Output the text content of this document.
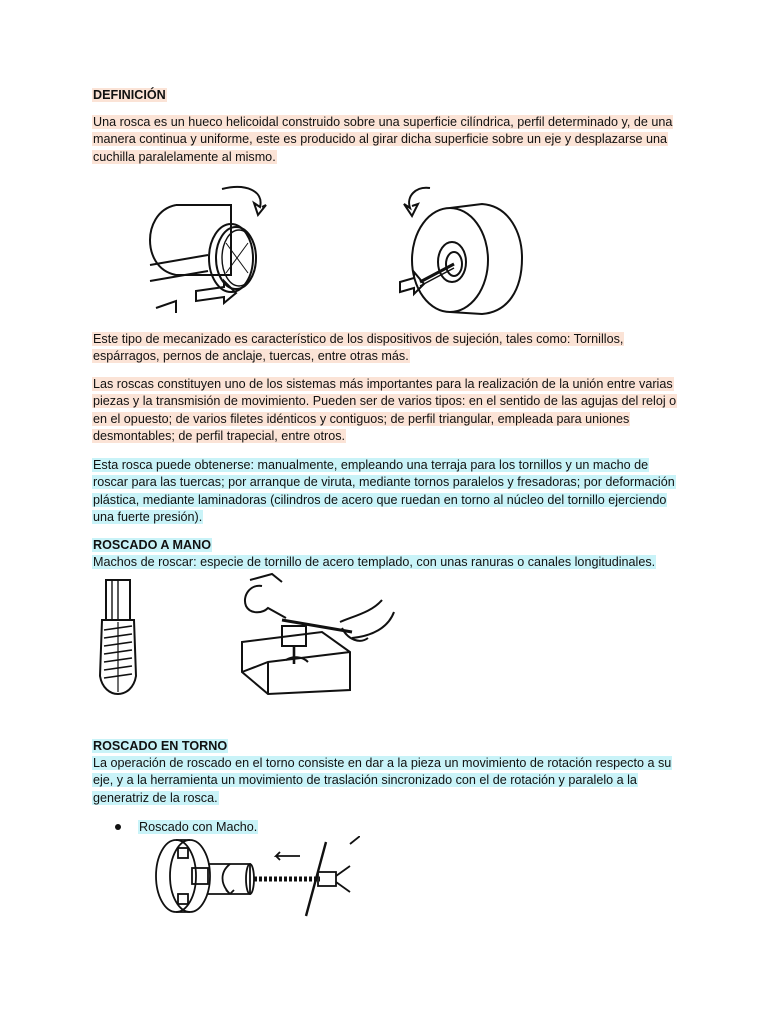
DEFINICIÓN
Una rosca es un hueco helicoidal construido sobre una superficie cilíndrica, perfil determinado y, de una manera continua y uniforme, este es producido al girar dicha superficie sobre un eje y desplazarse una cuchilla paralelamente al mismo.
Este tipo de mecanizado es característico de los dispositivos de sujeción, tales como: Tornillos, espárragos, pernos de anclaje, tuercas, entre otras más.
Las roscas constituyen uno de los sistemas más importantes para la realización de la unión entre varias piezas y la transmisión de movimiento. Pueden ser de varios tipos: en el sentido de las agujas del reloj o en el opuesto; de varios filetes idénticos y contiguos; de perfil triangular, empleada para uniones desmontables; de perfil trapecial, entre otros.
Esta rosca puede obtenerse: manualmente, empleando una terraja para los tornillos y un macho de roscar para las tuercas; por arranque de viruta, mediante tornos paralelos y fresadoras; por deformación plástica, mediante laminadoras (cilindros de acero que ruedan en torno al núcleo del tornillo ejerciendo una fuerte presión).
ROSCADO A MANO
Machos de roscar: especie de tornillo de acero templado, con unas ranuras o canales longitudinales.
ROSCADO EN TORNO
La operación de roscado en el torno consiste en dar a la pieza un movimiento de rotación respecto a su eje, y a la herramienta un movimiento de traslación sincronizado con el de rotación y paralelo a la generatriz de la rosca.
Roscado con Macho.
